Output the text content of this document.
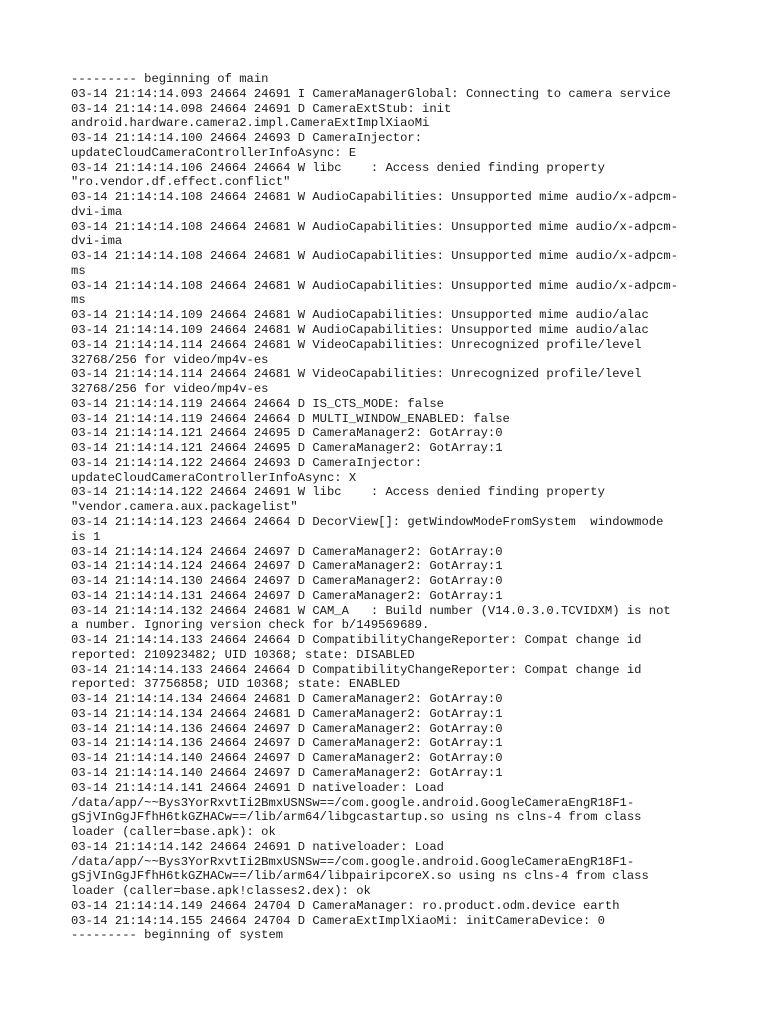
--------- beginning of main
03-14 21:14:14.093 24664 24691 I CameraManagerGlobal: Connecting to camera service
03-14 21:14:14.098 24664 24691 D CameraExtStub: init
android.hardware.camera2.impl.CameraExtImplXiaoMi
03-14 21:14:14.100 24664 24693 D CameraInjector:
updateCloudCameraControllerInfoAsync: E
03-14 21:14:14.106 24664 24664 W libc    : Access denied finding property
"ro.vendor.df.effect.conflict"
03-14 21:14:14.108 24664 24681 W AudioCapabilities: Unsupported mime audio/x-adpcm-
dvi-ima
03-14 21:14:14.108 24664 24681 W AudioCapabilities: Unsupported mime audio/x-adpcm-
dvi-ima
03-14 21:14:14.108 24664 24681 W AudioCapabilities: Unsupported mime audio/x-adpcm-
ms
03-14 21:14:14.108 24664 24681 W AudioCapabilities: Unsupported mime audio/x-adpcm-
ms
03-14 21:14:14.109 24664 24681 W AudioCapabilities: Unsupported mime audio/alac
03-14 21:14:14.109 24664 24681 W AudioCapabilities: Unsupported mime audio/alac
03-14 21:14:14.114 24664 24681 W VideoCapabilities: Unrecognized profile/level
32768/256 for video/mp4v-es
03-14 21:14:14.114 24664 24681 W VideoCapabilities: Unrecognized profile/level
32768/256 for video/mp4v-es
03-14 21:14:14.119 24664 24664 D IS_CTS_MODE: false
03-14 21:14:14.119 24664 24664 D MULTI_WINDOW_ENABLED: false
03-14 21:14:14.121 24664 24695 D CameraManager2: GotArray:0
03-14 21:14:14.121 24664 24695 D CameraManager2: GotArray:1
03-14 21:14:14.122 24664 24693 D CameraInjector:
updateCloudCameraControllerInfoAsync: X
03-14 21:14:14.122 24664 24691 W libc    : Access denied finding property
"vendor.camera.aux.packagelist"
03-14 21:14:14.123 24664 24664 D DecorView[]: getWindowModeFromSystem  windowmode
is 1
03-14 21:14:14.124 24664 24697 D CameraManager2: GotArray:0
03-14 21:14:14.124 24664 24697 D CameraManager2: GotArray:1
03-14 21:14:14.130 24664 24697 D CameraManager2: GotArray:0
03-14 21:14:14.131 24664 24697 D CameraManager2: GotArray:1
03-14 21:14:14.132 24664 24681 W CAM_A   : Build number (V14.0.3.0.TCVIDXM) is not
a number. Ignoring version check for b/149569689.
03-14 21:14:14.133 24664 24664 D CompatibilityChangeReporter: Compat change id
reported: 210923482; UID 10368; state: DISABLED
03-14 21:14:14.133 24664 24664 D CompatibilityChangeReporter: Compat change id
reported: 37756858; UID 10368; state: ENABLED
03-14 21:14:14.134 24664 24681 D CameraManager2: GotArray:0
03-14 21:14:14.134 24664 24681 D CameraManager2: GotArray:1
03-14 21:14:14.136 24664 24697 D CameraManager2: GotArray:0
03-14 21:14:14.136 24664 24697 D CameraManager2: GotArray:1
03-14 21:14:14.140 24664 24697 D CameraManager2: GotArray:0
03-14 21:14:14.140 24664 24697 D CameraManager2: GotArray:1
03-14 21:14:14.141 24664 24691 D nativeloader: Load
/data/app/~~Bys3YorRxvtIi2BmxUSNSw==/com.google.android.GoogleCameraEngR18F1-
gSjVInGgJFfhH6tkGZHACw==/lib/arm64/libgcastartup.so using ns clns-4 from class
loader (caller=base.apk): ok
03-14 21:14:14.142 24664 24691 D nativeloader: Load
/data/app/~~Bys3YorRxvtIi2BmxUSNSw==/com.google.android.GoogleCameraEngR18F1-
gSjVInGgJFfhH6tkGZHACw==/lib/arm64/libpairipcoreX.so using ns clns-4 from class
loader (caller=base.apk!classes2.dex): ok
03-14 21:14:14.149 24664 24704 D CameraManager: ro.product.odm.device earth
03-14 21:14:14.155 24664 24704 D CameraExtImplXiaoMi: initCameraDevice: 0
--------- beginning of system
